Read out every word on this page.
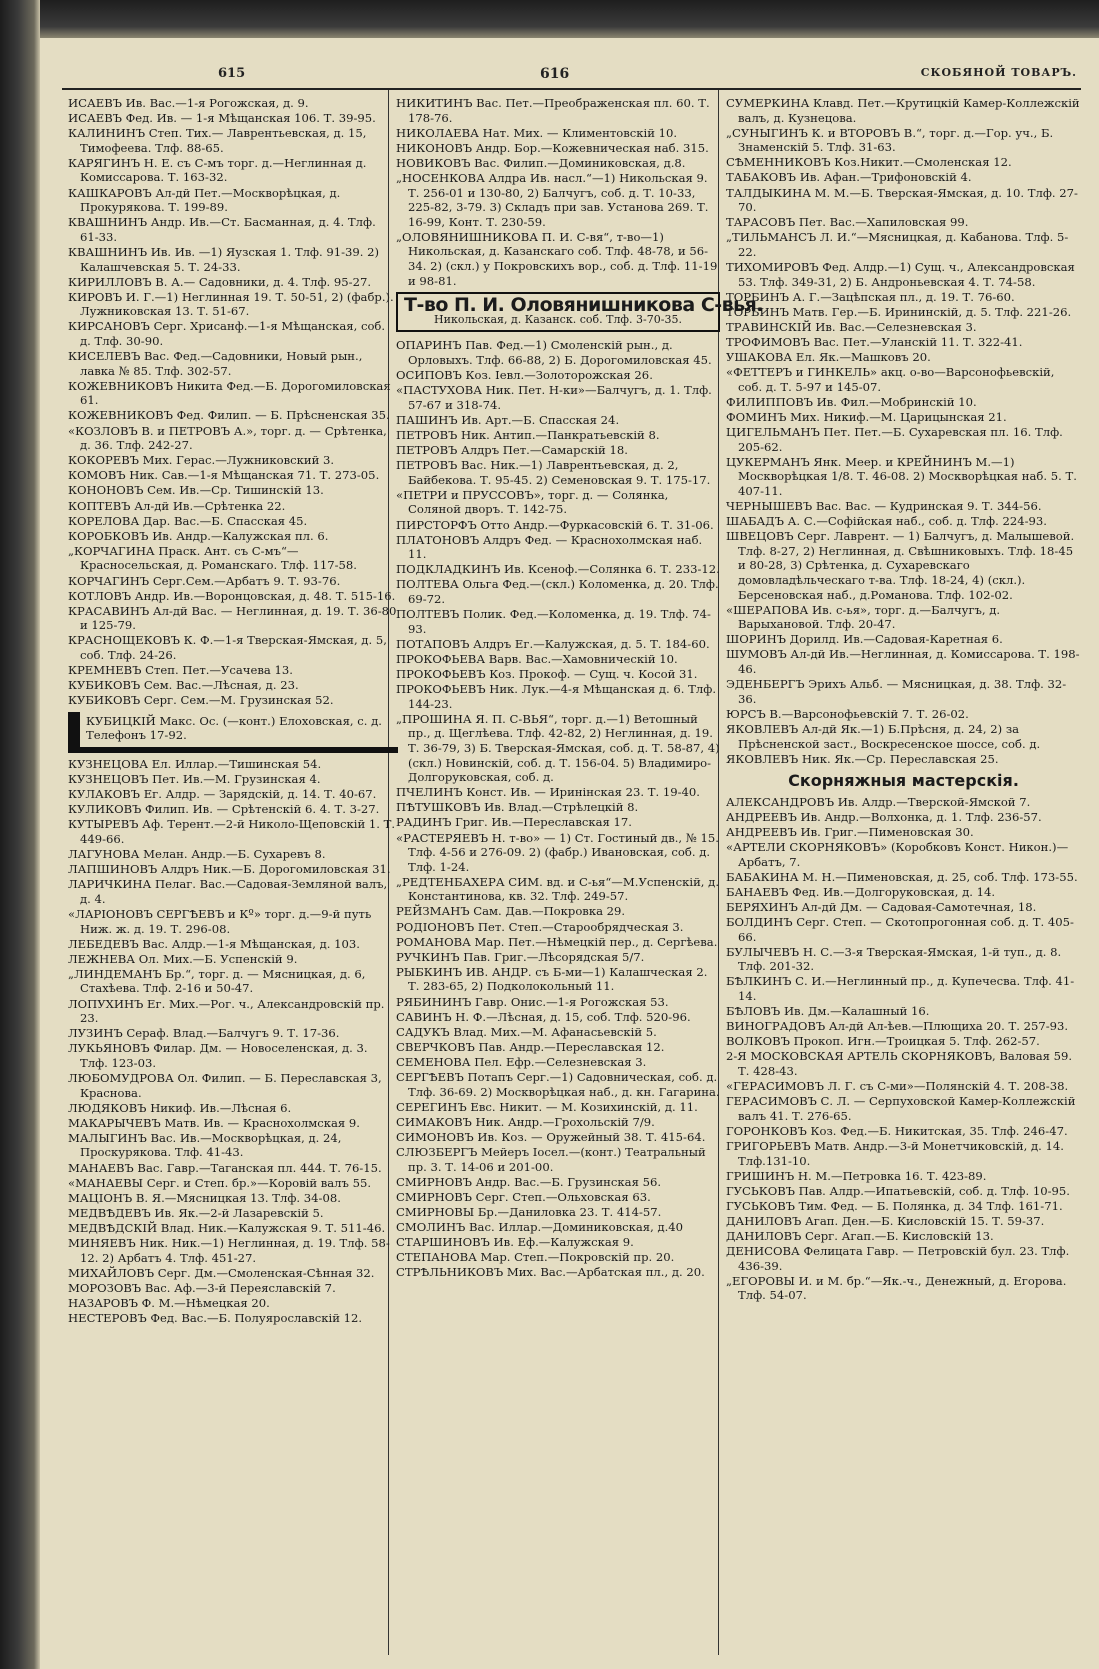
615	616	СКОБЯНОЙ ТОВАРЪ.
ИСАЕВЪ Ив. Вас.—1-я Рогожская, д. 9.
ИСАЕВЪ Фед. Ив. — 1-я Мѣщанская 106. Т. 39-95.
КАЛИНИНЪ Степ. Тих.— Лаврентьевская, д. 15, Тимофеева. Тлф. 88-65.
КАРЯГИНЪ Н. Е. съ С-мъ торг. д.—Неглинная д. Комиссарова. Т. 163-32.
КАШКАРОВЪ Ал-дй Пет.—Москворѣцкая, д. Прокурякова. Т. 199-89.
КВАШНИНЪ Андр. Ив.—Ст. Басманная, д. 4. Тлф. 61-33.
КВАШНИНЪ Ив. Ив. —1) Яузская 1. Тлф. 91-39. 2) Калашчевская 5. Т. 24-33.
КИРИЛЛОВЪ В. А.— Садовники, д. 4. Тлф. 95-27.
КИРОВЪ И. Г.—1) Неглинная 19. Т. 50-51, 2) (фабр.). Лужниковская 13. Т. 51-67.
КИРСАНОВЪ Серг. Хрисанф.—1-я Мѣщанская, соб. д. Тлф. 30-90.
КИСЕЛЕВЪ Вас. Фед.—Садовники, Новый рын., лавка № 85. Тлф. 302-57.
КОЖЕВНИКОВЪ Никита Фед.—Б. Дорогомиловская 61.
КОЖЕВНИКОВЪ Фед. Филип. — Б. Прѣсненская 35.
«КОЗЛОВЪ В. и ПЕТРОВЪ А.», торг. д. — Срѣтенка, д. 36. Тлф. 242-27.
КОКОРЕВЪ Мих. Герас.—Лужниковский 3.
КОМОВЪ Ник. Сав.—1-я Мѣщанская 71. Т. 273-05.
КОНОНОВЪ Сем. Ив.—Ср. Тишинскій 13.
КОПТЕВЪ Ал-дй Ив.—Срѣтенка 22.
КОРЕЛОВА Дар. Вас.—Б. Спасская 45.
КОРОБКОВЪ Ив. Андр.—Калужская пл. 6.
„КОРЧАГИНА Праск. Ант. съ С-мъ“—Красносельская, д. Романскаго. Тлф. 117-58.
КОРЧАГИНЪ Серг.Сем.—Арбатъ 9. Т. 93-76.
КОТЛОВЪ Андр. Ив.—Воронцовская, д. 48. Т. 515-16.
КРАСАВИНЪ Ал-дй Вас. — Неглинная, д. 19. Т. 36-80 и 125-79.
КРАСНОЩЕКОВЪ К. Ф.—1-я Тверская-Ямская, д. 5, соб. Тлф. 24-26.
КРЕМНЕВЪ Степ. Пет.—Усачева 13.
КУБИКОВЪ Сем. Вас.—Лѣсная, д. 23.
КУБИКОВЪ Серг. Сем.—М. Грузинская 52.
КУБИЦКІЙ Макс. Ос. (—конт.) Елоховская, с. д. Телефонъ 17-92.
КУЗНЕЦОВА Ел. Иллар.—Тишинская 54.
КУЗНЕЦОВЪ Пет. Ив.—М. Грузинская 4.
КУЛАКОВЪ Ег. Алдр. — Зарядскій, д. 14. Т. 40-67.
КУЛИКОВЪ Филип. Ив. — Срѣтенскій 6. 4. Т. 3-27.
КУТЫРЕВЪ Аф. Терент.—2-й Николо-Щеповскій 1. Т. 449-66.
ЛАГУНОВА Мелан. Андр.—Б. Сухаревъ 8.
ЛАПШИНОВЪ Алдръ Ник.—Б. Дорогомиловская 31.
ЛАРИЧКИНА Пелаг. Вас.—Садовая-Земляной валъ, д. 4.
«ЛАРІОНОВЪ СЕРГѢЕВЪ и Кº» торг. д.—9-й путь Ниж. ж. д. 19. Т. 296-08.
ЛЕБЕДЕВЪ Вас. Алдр.—1-я Мѣщанская, д. 103.
ЛЕЖНЕВА Ол. Мих.—Б. Успенскій 9.
„ЛИНДЕМАНЪ Бр.“, торг. д. — Мясницкая, д. 6, Стахѣева. Тлф. 2-16 и 50-47.
ЛОПУХИНЪ Ег. Мих.—Рог. ч., Александровскій пр. 23.
ЛУЗИНЪ Сераф. Влад.—Балчугъ 9. Т. 17-36.
ЛУКЬЯНОВЪ Филар. Дм. — Новоселенская, д. 3. Тлф. 123-03.
ЛЮБОМУДРОВА Ол. Филип. — Б. Переславская 3, Краснова.
ЛЮДЯКОВЪ Никиф. Ив.—Лѣсная 6.
МАКАРЫЧЕВЪ Матв. Ив. — Краснохолмская 9.
МАЛЫГИНЪ Вас. Ив.—Москворѣцкая, д. 24, Проскурякова. Тлф. 41-43.
МАНАЕВЪ Вас. Гавр.—Таганская пл. 444. Т. 76-15.
«МАНАЕВЫ Серг. и Степ. бр.»—Коровій валъ 55.
МАЦІОНЪ В. Я.—Мясницкая 13. Тлф. 34-08.
МЕДВѢДЕВЪ Ив. Як.—2-й Лазаревскій 5.
МЕДВѢДСКІЙ Влад. Ник.—Калужская 9. Т. 511-46.
МИНЯЕВЪ Ник. Ник.—1) Неглинная, д. 19. Тлф. 58-12. 2) Арбатъ 4. Тлф. 451-27.
МИХАЙЛОВЪ Серг. Дм.—Смоленская-Сѣнная 32.
МОРОЗОВЪ Вас. Аф.—3-й Переяславскій 7.
НАЗАРОВЪ Ф. М.—Нѣмецкая 20.
НЕСТЕРОВЪ Фед. Вас.—Б. Полуярославскій 12.
НИКИТИНЪ Вас. Пет.—Преображенская пл. 60. Т. 178-76.
НИКОЛАЕВА Нат. Мих. — Климентовскій 10.
НИКОНОВЪ Андр. Бор.—Кожевническая наб. 315.
НОВИКОВЪ Вас. Филип.—Доминиковская, д.8.
„НОСЕНКОВА Алдра Ив. насл.“—1) Никольская 9. Т. 256-01 и 130-80, 2) Балчугъ, соб. д. Т. 10-33, 225-82, 3-79. 3) Складъ при зав. Установа 269. Т. 16-99, Конт. Т. 230-59.
„ОЛОВЯНИШНИКОВА П. И. С-вя“, т-во—1) Никольская, д. Казанскаго соб. Тлф. 48-78, и 56-34. 2) (скл.) у Покровскихъ вор., соб. д. Тлф. 11-19 и 98-81.
Т-во П. И. Оловянишникова С-вья.
Никольская, д. Казанск. соб. Тлф. 3-70-35.
ОПАРИНЪ Пав. Фед.—1) Смоленскій рын., д. Орловыхъ. Тлф. 66-88, 2) Б. Дорогомиловская 45.
ОСИПОВЪ Коз. Іевл.—Золоторожская 26.
«ПАСТУХОВА Ник. Пет. Н-ки»—Балчугъ, д. 1. Тлф. 57-67 и 318-74.
ПАШИНЪ Ив. Арт.—Б. Спасская 24.
ПЕТРОВЪ Ник. Антип.—Панкратьевскій 8.
ПЕТРОВЪ Алдръ Пет.—Самарскій 18.
ПЕТРОВЪ Вас. Ник.—1) Лаврентьевская, д. 2, Байбекова. Т. 95-45. 2) Семеновская 9. Т. 175-17.
«ПЕТРИ и ПРУССОВЪ», торг. д. — Солянка, Соляной дворъ. Т. 142-75.
ПИРСТОРФЪ Отто Андр.—Фуркасовскій 6. Т. 31-06.
ПЛАТОНОВЪ Алдръ Фед. — Краснохолмская наб. 11.
ПОДКЛАДКИНЪ Ив. Ксеноф.—Солянка 6. Т. 233-12.
ПОЛТЕВА Ольга Фед.—(скл.) Коломенка, д. 20. Тлф. 69-72.
ПОЛТЕВЪ Полик. Фед.—Коломенка, д. 19. Тлф. 74-93.
ПОТАПОВЪ Алдръ Ег.—Калужская, д. 5. Т. 184-60.
ПРОКОФЬЕВА Варв. Вас.—Хамовническій 10.
ПРОКОФЬЕВЪ Коз. Прокоф. — Сущ. ч. Косой 31.
ПРОКОФЬЕВЪ Ник. Лук.—4-я Мѣщанская д. 6. Тлф. 144-23.
„ПРОШИНА Я. П. С-ВЬЯ“, торг. д.—1) Ветошный пр., д. Щеглѣева. Тлф. 42-82, 2) Неглинная, д. 19. Т. 36-79, 3) Б. Тверская-Ямская, соб. д. Т. 58-87, 4) (скл.) Новинскій, соб. д. Т. 156-04. 5) Владимиро-Долгоруковская, соб. д.
ПЧЕЛИНЪ Конст. Ив. — Иринінская 23. Т. 19-40.
ПѢТУШКОВЪ Ив. Влад.—Стрѣлецкій 8.
РАДИНЪ Григ. Ив.—Переславская 17.
«РАСТЕРЯЕВЪ Н. т-во» — 1) Ст. Гостиный дв., № 15. Тлф. 4-56 и 276-09. 2) (фабр.) Ивановская, соб. д. Тлф. 1-24.
„РЕДТЕНБАХЕРА СИМ. вд. и С-ья“—М.Успенскій, д. Константинова, кв. 32. Тлф. 249-57.
РЕЙЗМАНЪ Сам. Дав.—Покровка 29.
РОДІОНОВЪ Пет. Степ.—Старообрядческая 3.
РОМАНОВА Мар. Пет.—Нѣмецкій пер., д. Сергѣева.
РУЧКИНЪ Пав. Григ.—Лѣсорядская 5/7.
РЫБКИНЪ ИВ. АНДР. съ Б-ми—1) Калашческая 2. Т. 283-65, 2) Подколокольный 11.
РЯБИНИНЪ Гавр. Онис.—1-я Рогожская 53.
САВИНЪ Н. Ф.—Лѣсная, д. 15, соб. Тлф. 520-96.
САДУКЪ Влад. Мих.—М. Афанасьевскій 5.
СВЕРЧКОВЪ Пав. Андр.—Переславская 12.
СЕМЕНОВА Пел. Ефр.—Селезневская 3.
СЕРГѢЕВЪ Потапъ Серг.—1) Садовническая, соб. д. Тлф. 36-69. 2) Москворѣцкая наб., д. кн. Гагарина.
СЕРЕГИНЪ Евс. Никит. — М. Козихинскій, д. 11.
СИМАКОВЪ Ник. Андр.—Грохольскій 7/9.
СИМОНОВЪ Ив. Коз. — Оружейный 38. Т. 415-64.
СЛЮЗБЕРГЪ Мейеръ Іосел.—(конт.) Театральный пр. 3. Т. 14-06 и 201-00.
СМИРНОВЪ Андр. Вас.—Б. Грузинская 56.
СМИРНОВЪ Серг. Степ.—Ольховская 63.
СМИРНОВЫ Бр.—Даниловка 23. Т. 414-57.
СМОЛИНЪ Вас. Иллар.—Доминиковская, д.40
СТАРШИНОВЪ Ив. Еф.—Калужская 9.
СТЕПАНОВА Мар. Степ.—Покровскій пр. 20.
СТРѢЛЬНИКОВЪ Мих. Вас.—Арбатская пл., д. 20.
СУМЕРКИНА Клавд. Пет.—Крутицкій Камер-Коллежскій валъ, д. Кузнецова.
„СУНЫГИНЪ К. и ВТОРОВЪ В.“, торг. д.—Гор. уч., Б. Знаменскій 5. Тлф. 31-63.
СѢМЕННИКОВЪ Коз.Никит.—Смоленская 12.
ТАБАКОВЪ Ив. Афан.—Трифоновскій 4.
ТАЛДЫКИНА М. М.—Б. Тверская-Ямская, д. 10. Тлф. 27-70.
ТАРАСОВЪ Пет. Вас.—Хапиловская 99.
„ТИЛЬМАНСЪ Л. И.“—Мясницкая, д. Кабанова. Тлф. 5-22.
ТИХОМИРОВЪ Фед. Алдр.—1) Сущ. ч., Александровская 53. Тлф. 349-31, 2) Б. Андроньевская 4. Т. 74-58.
ТОРБИНЪ А. Г.—Зацѣпская пл., д. 19. Т. 76-60.
ТОРБИНЪ Матв. Гер.—Б. Ирининскій, д. 5. Тлф. 221-26.
ТРАВИНСКІЙ Ив. Вас.—Селезневская 3.
ТРОФИМОВЪ Вас. Пет.—Уланскій 11. Т. 322-41.
УШАКОВА Ел. Як.—Машковъ 20.
«ФЕТТЕРЪ и ГИНКЕЛЬ» акц. о-во—Варсонофьевскій, соб. д. Т. 5-97 и 145-07.
ФИЛИППОВЪ Ив. Фил.—Мобринскій 10.
ФОМИНЪ Мих. Никиф.—М. Царицынская 21.
ЦИГЕЛЬМАНЪ Пет. Пет.—Б. Сухаревская пл. 16. Тлф. 205-62.
ЦУКЕРМАНЪ Янк. Меер. и КРЕЙНИНЪ М.—1) Москворѣцкая 1/8. Т. 46-08. 2) Москворѣцкая наб. 5. Т. 407-11.
ЧЕРНЫШЕВЪ Вас. Вас. — Кудринская 9. Т. 344-56.
ШАБАДЪ А. С.—Софійская наб., соб. д. Тлф. 224-93.
ШВЕЦОВЪ Серг. Лаврент. — 1) Балчугъ, д. Малышевой. Тлф. 8-27, 2) Неглинная, д. Свѣшниковыхъ. Тлф. 18-45 и 80-28, 3) Срѣтенка, д. Сухаревскаго домовладѣльческаго т-ва. Тлф. 18-24, 4) (скл.). Берсеновская наб., д.Романова. Тлф. 102-02.
«ШЕРАПОВА Ив. с-ья», торг. д.—Балчугъ, д. Варыхановой. Тлф. 20-47.
ШОРИНЪ Дорилд. Ив.—Садовая-Каретная 6.
ШУМОВЪ Ал-дй Ив.—Неглинная, д. Комиссарова. Т. 198-46.
ЭДЕНБЕРГЪ Эрихъ Альб. — Мясницкая, д. 38. Тлф. 32-36.
ЮРСЪ В.—Варсонофьевскій 7. Т. 26-02.
ЯКОВЛЕВЪ Ал-дй Як.—1) Б.Прѣсня, д. 24, 2) за Прѣсненской заст., Воскресенское шоссе, соб. д.
ЯКОВЛЕВЪ Ник. Як.—Ср. Переславская 25.
Скорняжныя мастерскія.
АЛЕКСАНДРОВЪ Ив. Алдр.—Тверской-Ямской 7.
АНДРЕЕВЪ Ив. Андр.—Волхонка, д. 1. Тлф. 236-57.
АНДРЕЕВЪ Ив. Григ.—Пименовская 30.
«АРТЕЛИ СКОРНЯКОВЪ» (Коробковъ Конст. Никон.)—Арбатъ, 7.
БАБАКИНА М. Н.—Пименовская, д. 25, соб. Тлф. 173-55.
БАНАЕВЪ Фед. Ив.—Долгоруковская, д. 14.
БЕРЯХИНЪ Ал-дй Дм. — Садовая-Самотечная, 18.
БОЛДИНЪ Серг. Степ. — Скотопрогонная соб. д. Т. 405-66.
БУЛЫЧЕВЪ Н. С.—3-я Тверская-Ямская, 1-й туп., д. 8. Тлф. 201-32.
БѢЛКИНЪ С. И.—Неглинный пр., д. Купечесва. Тлф. 41-14.
БѢЛОВЪ Ив. Дм.—Калашный 16.
ВИНОГРАДОВЪ Ал-дй Ал-ѣев.—Плющиха 20. Т. 257-93.
ВОЛКОВЪ Прокоп. Игн.—Троицкая 5. Тлф. 262-57.
2-Я МОСКОВСКАЯ АРТЕЛЬ СКОРНЯКОВЪ, Валовая 59. Т. 428-43.
«ГЕРАСИМОВЪ Л. Г. съ С-ми»—Полянскій 4. Т. 208-38.
ГЕРАСИМОВЪ С. Л. — Серпуховской Камер-Коллежскій валъ 41. Т. 276-65.
ГОРОНКОВЪ Коз. Фед.—Б. Никитская, 35. Тлф. 246-47.
ГРИГОРЬЕВЪ Матв. Андр.—3-й Монетчиковскій, д. 14. Тлф.131-10.
ГРИШИНЪ Н. М.—Петровка 16. Т. 423-89.
ГУСЬКОВЪ Пав. Алдр.—Ипатьевскій, соб. д. Тлф. 10-95.
ГУСЬКОВЪ Тим. Фед. — Б. Полянка, д. 34 Тлф. 161-71.
ДАНИЛОВЪ Агап. Ден.—Б. Кисловскій 15. Т. 59-37.
ДАНИЛОВЪ Серг. Агап.—Б. Кисловскій 13.
ДЕНИСОВА Фелицата Гавр. — Петровскій бул. 23. Тлф. 436-39.
„ЕГОРОВЫ И. и М. бр.“—Як.-ч., Денежный, д. Егорова. Тлф. 54-07.
